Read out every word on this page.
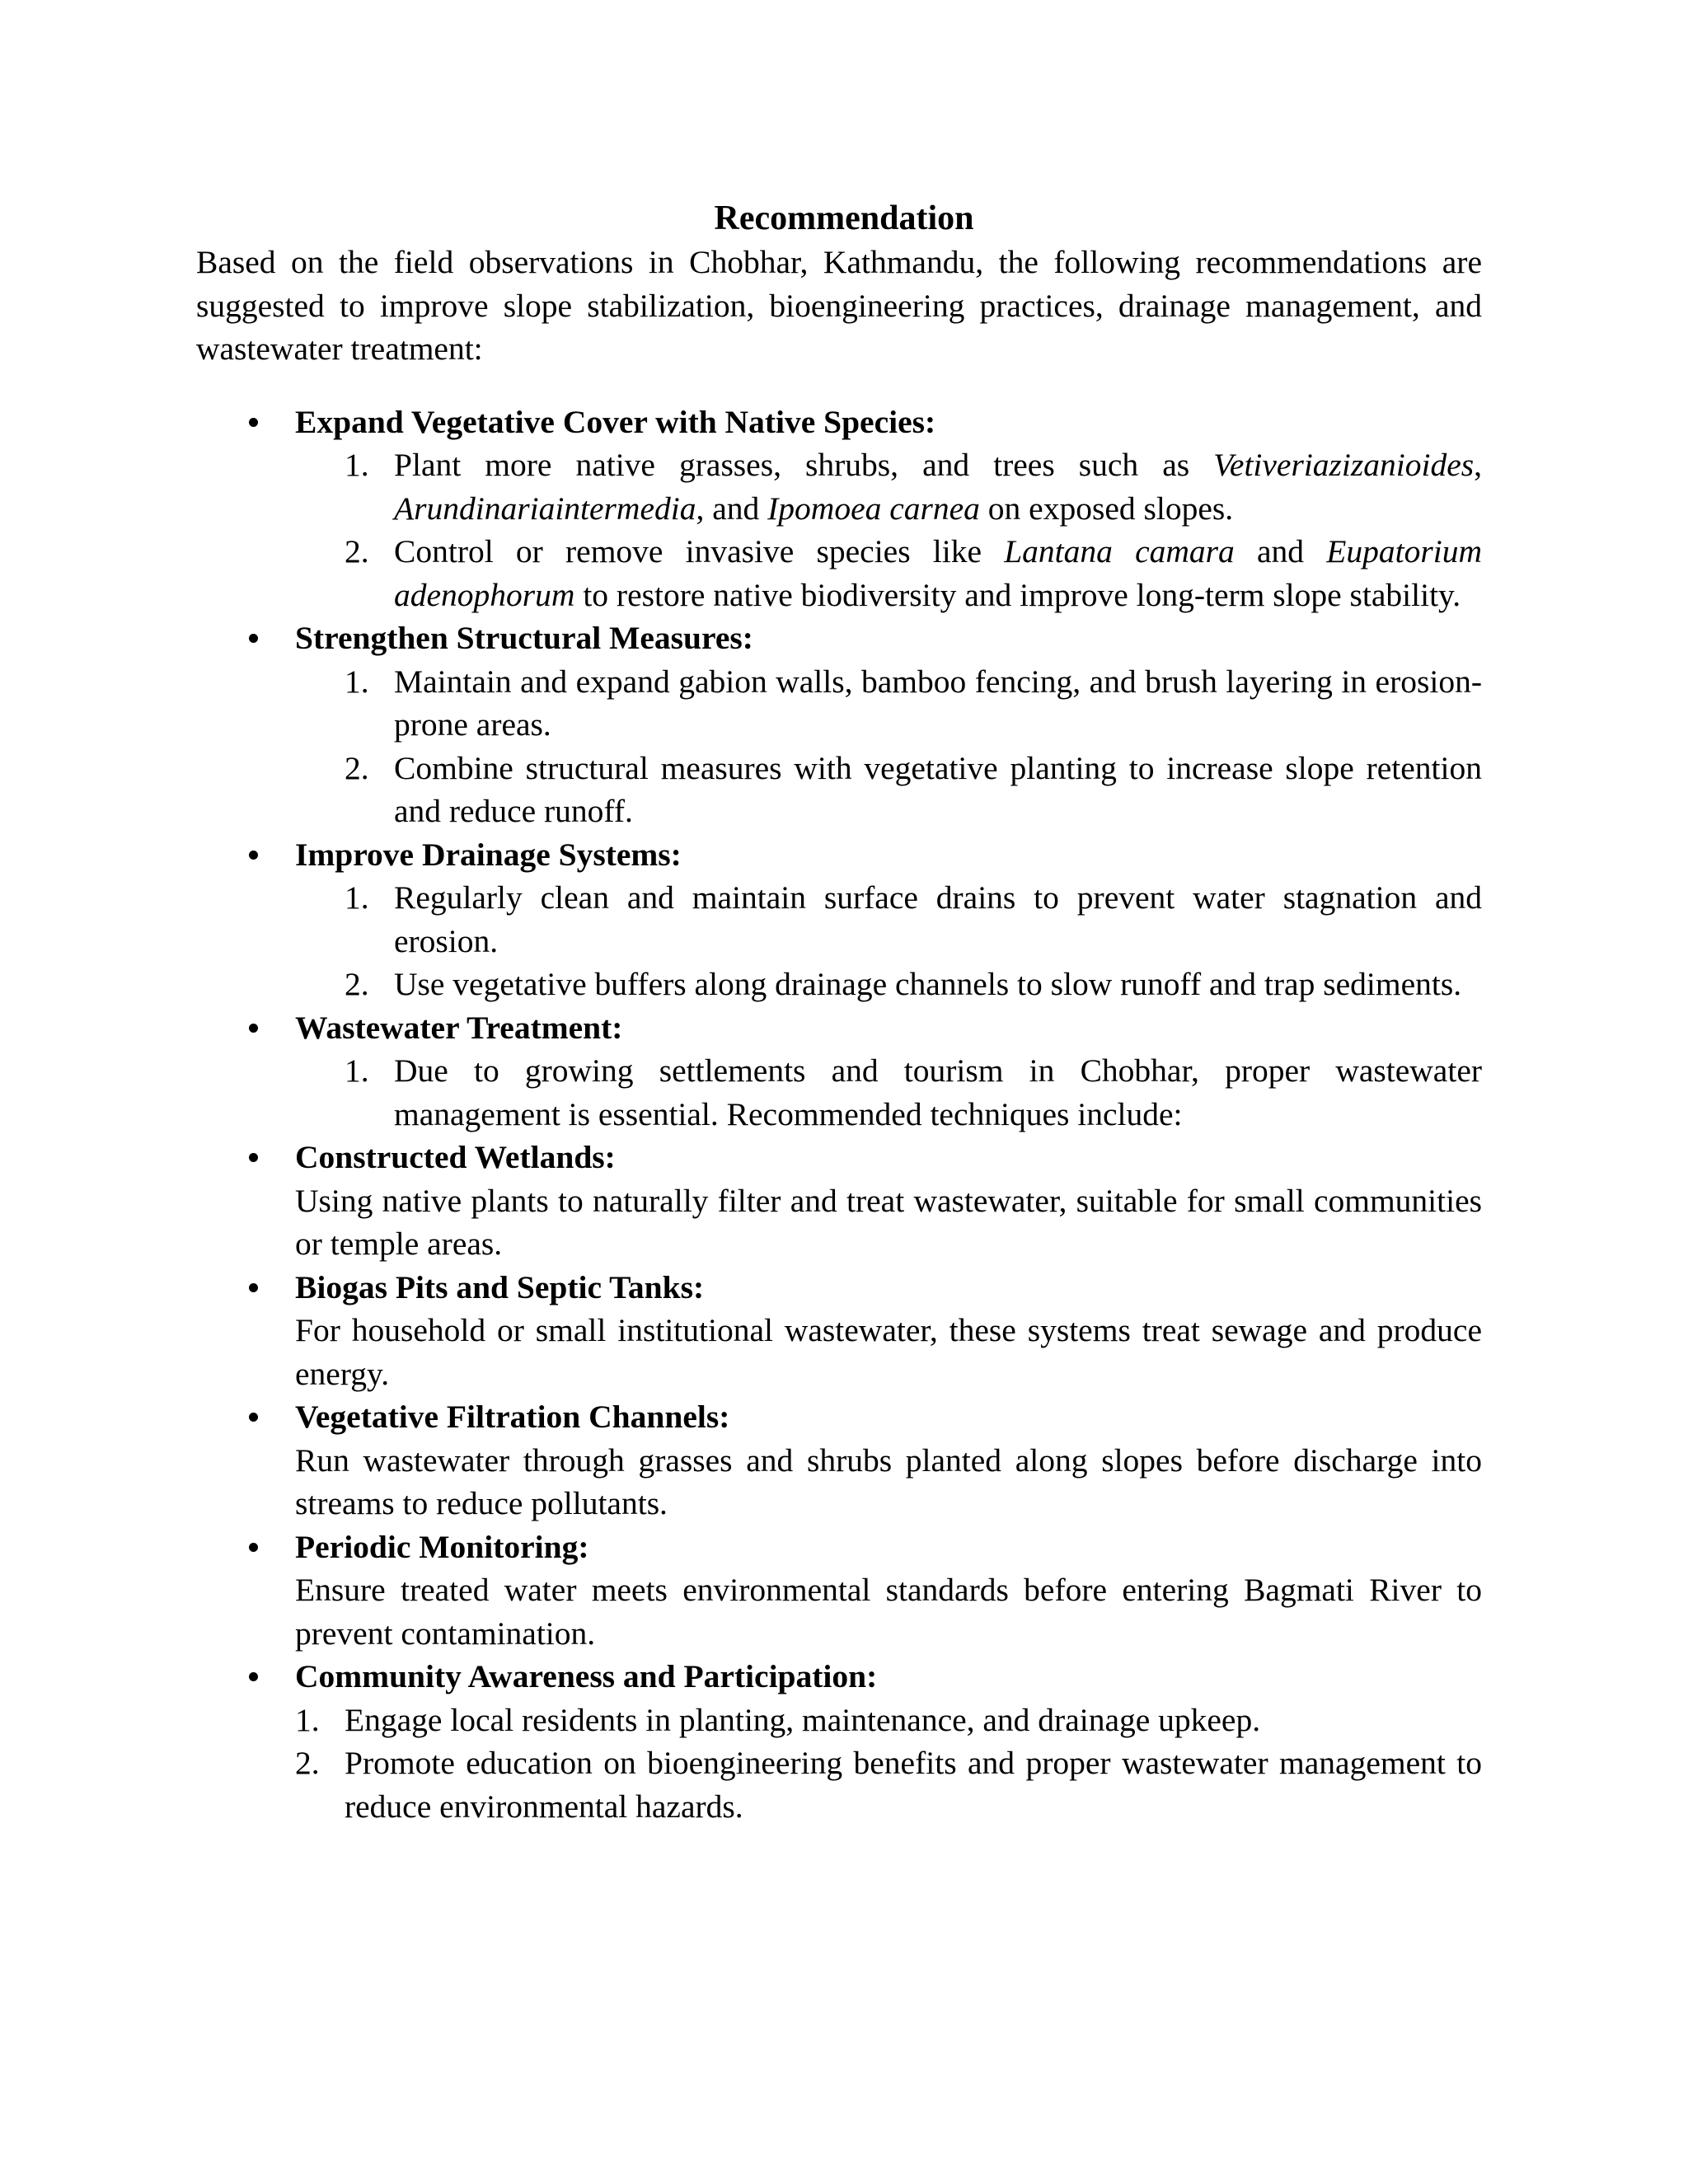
Recommendation

Based on the field observations in Chobhar, Kathmandu, the following recommendations are suggested to improve slope stabilization, bioengineering practices, drainage management, and wastewater treatment:

Expand Vegetative Cover with Native Species:
1. Plant more native grasses, shrubs, and trees such as Vetiveriazizanioides, Arundinariaintermedia, and Ipomoea carnea on exposed slopes.
2. Control or remove invasive species like Lantana camara and Eupatorium adenophorum to restore native biodiversity and improve long-term slope stability.
Strengthen Structural Measures:
1. Maintain and expand gabion walls, bamboo fencing, and brush layering in erosion-prone areas.
2. Combine structural measures with vegetative planting to increase slope retention and reduce runoff.
Improve Drainage Systems:
1. Regularly clean and maintain surface drains to prevent water stagnation and erosion.
2. Use vegetative buffers along drainage channels to slow runoff and trap sediments.
Wastewater Treatment:
1. Due to growing settlements and tourism in Chobhar, proper wastewater management is essential. Recommended techniques include:
Constructed Wetlands:
Using native plants to naturally filter and treat wastewater, suitable for small communities or temple areas.
Biogas Pits and Septic Tanks:
For household or small institutional wastewater, these systems treat sewage and produce energy.
Vegetative Filtration Channels:
Run wastewater through grasses and shrubs planted along slopes before discharge into streams to reduce pollutants.
Periodic Monitoring:
Ensure treated water meets environmental standards before entering Bagmati River to prevent contamination.
Community Awareness and Participation:
1. Engage local residents in planting, maintenance, and drainage upkeep.
2. Promote education on bioengineering benefits and proper wastewater management to reduce environmental hazards.
